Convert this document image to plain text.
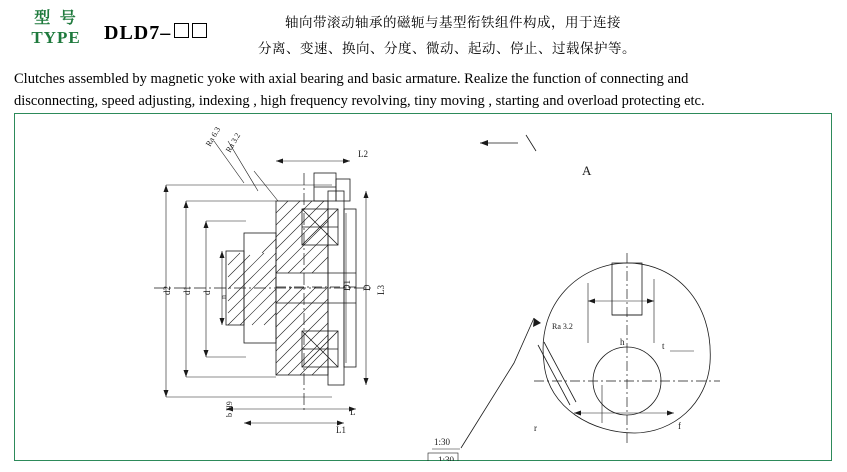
型 号
TYPE	DLD7–	轴向带滚动轴承的磁轭与基型衔铁组件构成，用于连接
分离、变速、换向、分度、微动、起动、停止、过载保护等。
Clutches assembled by magnetic yoke with axial bearing and basic armature. Realize the function of connecting and
disconnecting, speed adjusting, indexing , high frequency revolving, tiny moving , starting and overload protecting etc.
A
1:30
1:30
t
h
f
r
Ra 3.2
L
L1
L2
D
D1
d
d1
d2
n
Ra 6.3 Ra 3.2
b H9
L3
